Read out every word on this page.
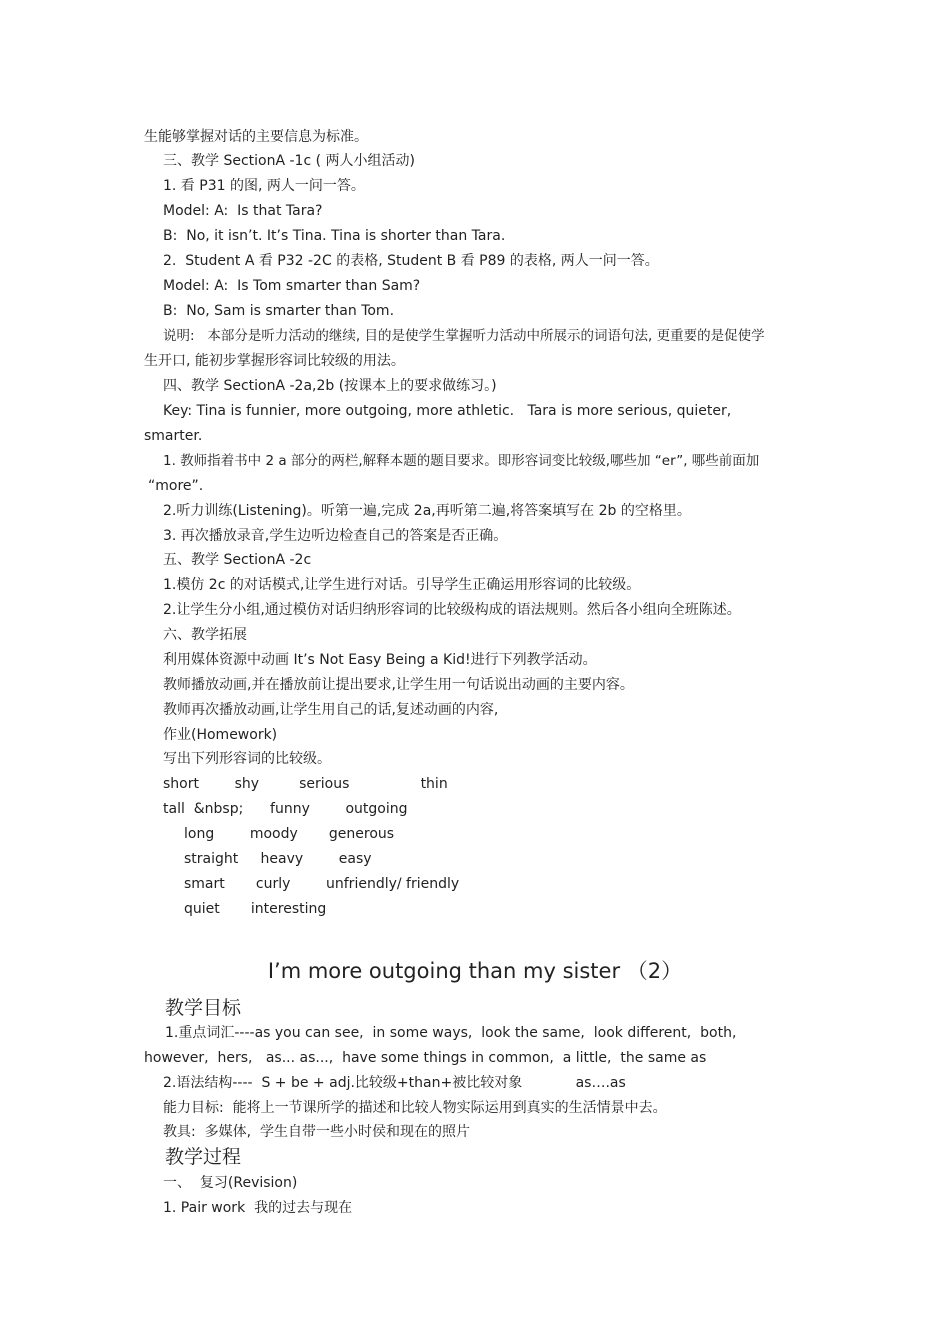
生能够掌握对话的主要信息为标准。
三、教学 SectionA -1c ( 两人小组活动)
1. 看 P31 的图, 两人一问一答。
Model: A:  Is that Tara?
B:  No, it isn’t. It’s Tina. Tina is shorter than Tara.
2.  Student A 看 P32 -2C 的表格, Student B 看 P89 的表格, 两人一问一答。
Model: A:  Is Tom smarter than Sam?
B:  No, Sam is smarter than Tom.
说明:   本部分是听力活动的继续, 目的是使学生掌握听力活动中所展示的词语句法, 更重要的是促使学
生开口, 能初步掌握形容词比较级的用法。
四、教学 SectionA -2a,2b (按课本上的要求做练习。)
Key: Tina is funnier, more outgoing, more athletic.   Tara is more serious, quieter,
smarter.
1. 教师指着书中 2 a 部分的两栏,解释本题的题目要求。即形容词变比较级,哪些加 “er”, 哪些前面加
“more”.
2.听力训练(Listening)。听第一遍,完成 2a,再听第二遍,将答案填写在 2b 的空格里。
3. 再次播放录音,学生边听边检查自己的答案是否正确。
五、教学 SectionA -2c
1.模仿 2c 的对话模式,让学生进行对话。引导学生正确运用形容词的比较级。
2.让学生分小组,通过模仿对话归纳形容词的比较级构成的语法规则。然后各小组向全班陈述。
六、教学拓展
利用媒体资源中动画 It’s Not Easy Being a Kid!进行下列教学活动。
教师播放动画,并在播放前让提出要求,让学生用一句话说出动画的主要内容。
教师再次播放动画,让学生用自己的话,复述动画的内容,
作业(Homework)
写出下列形容词的比较级。
short        shy         serious                thin
tall  &nbsp;      funny        outgoing
long        moody       generous
straight     heavy        easy
smart       curly        unfriendly/ friendly
quiet       interesting
I’m more outgoing than my sister （2）
教学目标
1.重点词汇----as you can see,  in some ways,  look the same,  look different,  both,
however,  hers,   as... as...,  have some things in common,  a little,  the same as
2.语法结构----  S + be + adj.比较级+than+被比较对象            as….as
能力目标:  能将上一节课所学的描述和比较人物实际运用到真实的生活情景中去。
教具:  多媒体,  学生自带一些小时侯和现在的照片
教学过程
一、  复习(Revision)
1. Pair work  我的过去与现在
